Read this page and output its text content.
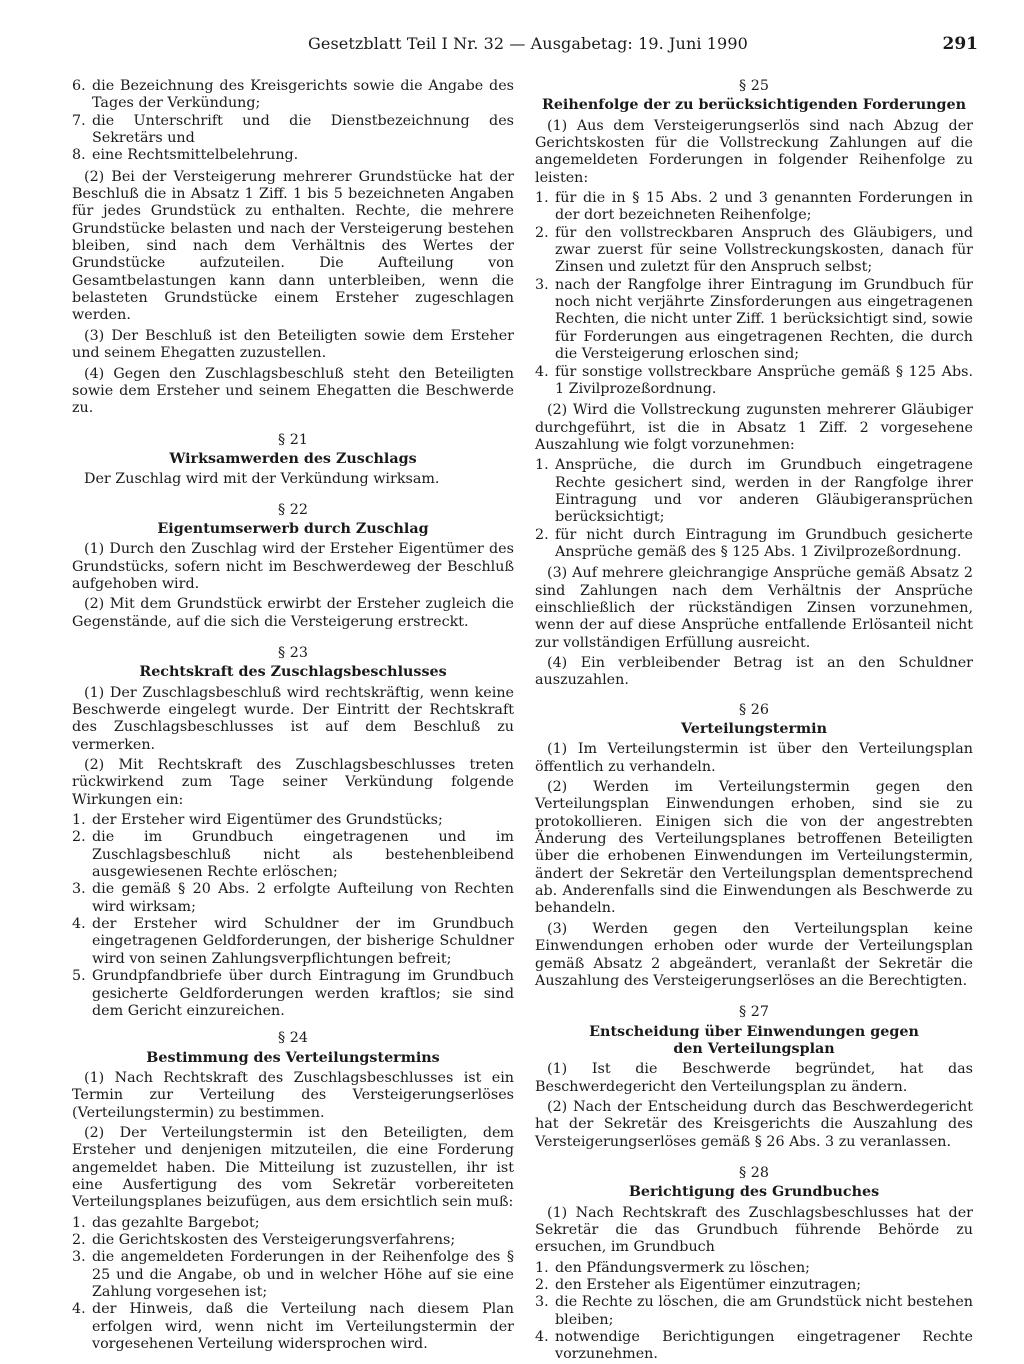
Gesetzblatt Teil I Nr. 32 — Ausgabetag: 19. Juni 1990	291
6. die Bezeichnung des Kreisgerichts sowie die Angabe des Tages der Verkündung;
7. die Unterschrift und die Dienstbezeichnung des Sekretärs und
8. eine Rechtsmittelbelehrung.

(2) Bei der Versteigerung mehrerer Grundstücke hat der Beschluß die in Absatz 1 Ziff. 1 bis 5 bezeichneten Angaben für jedes Grundstück zu enthalten. Rechte, die mehrere Grundstücke belasten und nach der Versteigerung bestehen bleiben, sind nach dem Verhältnis des Wertes der Grundstücke aufzuteilen. Die Aufteilung von Gesamtbelastungen kann dann unterbleiben, wenn die belasteten Grundstücke einem Ersteher zugeschlagen werden.

(3) Der Beschluß ist den Beteiligten sowie dem Ersteher und seinem Ehegatten zuzustellen.

(4) Gegen den Zuschlagsbeschluß steht den Beteiligten sowie dem Ersteher und seinem Ehegatten die Beschwerde zu.

§ 21
Wirksamwerden des Zuschlags

Der Zuschlag wird mit der Verkündung wirksam.

§ 22
Eigentumserwerb durch Zuschlag

(1) Durch den Zuschlag wird der Ersteher Eigentümer des Grundstücks, sofern nicht im Beschwerdeweg der Beschluß aufgehoben wird.

(2) Mit dem Grundstück erwirbt der Ersteher zugleich die Gegenstände, auf die sich die Versteigerung erstreckt.

§ 23
Rechtskraft des Zuschlagsbeschlusses

(1) Der Zuschlagsbeschluß wird rechtskräftig, wenn keine Beschwerde eingelegt wurde. Der Eintritt der Rechtskraft des Zuschlagsbeschlusses ist auf dem Beschluß zu vermerken.

(2) Mit Rechtskraft des Zuschlagsbeschlusses treten rückwirkend zum Tage seiner Verkündung folgende Wirkungen ein:

1. der Ersteher wird Eigentümer des Grundstücks;
2. die im Grundbuch eingetragenen und im Zuschlagsbeschluß nicht als bestehenbleibend ausgewiesenen Rechte erlöschen;
3. die gemäß § 20 Abs. 2 erfolgte Aufteilung von Rechten wird wirksam;
4. der Ersteher wird Schuldner der im Grundbuch eingetragenen Geldforderungen, der bisherige Schuldner wird von seinen Zahlungsverpflichtungen befreit;
5. Grundpfandbriefe über durch Eintragung im Grundbuch gesicherte Geldforderungen werden kraftlos; sie sind dem Gericht einzureichen.
§ 24
Bestimmung des Verteilungstermins

(1) Nach Rechtskraft des Zuschlagsbeschlusses ist ein Termin zur Verteilung des Versteigerungserlöses (Verteilungstermin) zu bestimmen.

(2) Der Verteilungstermin ist den Beteiligten, dem Ersteher und denjenigen mitzuteilen, die eine Forderung angemeldet haben. Die Mitteilung ist zuzustellen, ihr ist eine Ausfertigung des vom Sekretär vorbereiteten Verteilungsplanes beizufügen, aus dem ersichtlich sein muß:

1. das gezahlte Bargebot;
2. die Gerichtskosten des Versteigerungsverfahrens;
3. die angemeldeten Forderungen in der Reihenfolge des § 25 und die Angabe, ob und in welcher Höhe auf sie eine Zahlung vorgesehen ist;
4. der Hinweis, daß die Verteilung nach diesem Plan erfolgen wird, wenn nicht im Verteilungstermin der vorgesehenen Verteilung widersprochen wird.
§ 25
Reihenfolge der zu berücksichtigenden Forderungen

(1) Aus dem Versteigerungserlös sind nach Abzug der Gerichtskosten für die Vollstreckung Zahlungen auf die angemeldeten Forderungen in folgender Reihenfolge zu leisten:

1. für die in § 15 Abs. 2 und 3 genannten Forderungen in der dort bezeichneten Reihenfolge;
2. für den vollstreckbaren Anspruch des Gläubigers, und zwar zuerst für seine Vollstreckungskosten, danach für Zinsen und zuletzt für den Anspruch selbst;
3. nach der Rangfolge ihrer Eintragung im Grundbuch für noch nicht verjährte Zinsforderungen aus eingetragenen Rechten, die nicht unter Ziff. 1 berücksichtigt sind, sowie für Forderungen aus eingetragenen Rechten, die durch die Versteigerung erloschen sind;
4. für sonstige vollstreckbare Ansprüche gemäß § 125 Abs. 1 Zivilprozeßordnung.

(2) Wird die Vollstreckung zugunsten mehrerer Gläubiger durchgeführt, ist die in Absatz 1 Ziff. 2 vorgesehene Auszahlung wie folgt vorzunehmen:

1. Ansprüche, die durch im Grundbuch eingetragene Rechte gesichert sind, werden in der Rangfolge ihrer Eintragung und vor anderen Gläubigeransprüchen berücksichtigt;
2. für nicht durch Eintragung im Grundbuch gesicherte Ansprüche gemäß des § 125 Abs. 1 Zivilprozeßordnung.

(3) Auf mehrere gleichrangige Ansprüche gemäß Absatz 2 sind Zahlungen nach dem Verhältnis der Ansprüche einschließlich der rückständigen Zinsen vorzunehmen, wenn der auf diese Ansprüche entfallende Erlösanteil nicht zur vollständigen Erfüllung ausreicht.

(4) Ein verbleibender Betrag ist an den Schuldner auszuzahlen.

§ 26
Verteilungstermin

(1) Im Verteilungstermin ist über den Verteilungsplan öffentlich zu verhandeln.

(2) Werden im Verteilungstermin gegen den Verteilungsplan Einwendungen erhoben, sind sie zu protokollieren. Einigen sich die von der angestrebten Änderung des Verteilungsplanes betroffenen Beteiligten über die erhobenen Einwendungen im Verteilungstermin, ändert der Sekretär den Verteilungsplan dementsprechend ab. Anderenfalls sind die Einwendungen als Beschwerde zu behandeln.

(3) Werden gegen den Verteilungsplan keine Einwendungen erhoben oder wurde der Verteilungsplan gemäß Absatz 2 abgeändert, veranlaßt der Sekretär die Auszahlung des Versteigerungserlöses an die Berechtigten.

§ 27
Entscheidung über Einwendungen gegen
den Verteilungsplan

(1) Ist die Beschwerde begründet, hat das Beschwerdegericht den Verteilungsplan zu ändern.

(2) Nach der Entscheidung durch das Beschwerdegericht hat der Sekretär des Kreisgerichts die Auszahlung des Versteigerungserlöses gemäß § 26 Abs. 3 zu veranlassen.

§ 28
Berichtigung des Grundbuches

(1) Nach Rechtskraft des Zuschlagsbeschlusses hat der Sekretär die das Grundbuch führende Behörde zu ersuchen, im Grundbuch

1. den Pfändungsvermerk zu löschen;
2. den Ersteher als Eigentümer einzutragen;
3. die Rechte zu löschen, die am Grundstück nicht bestehen bleiben;
4. notwendige Berichtigungen eingetragener Rechte vorzunehmen.
